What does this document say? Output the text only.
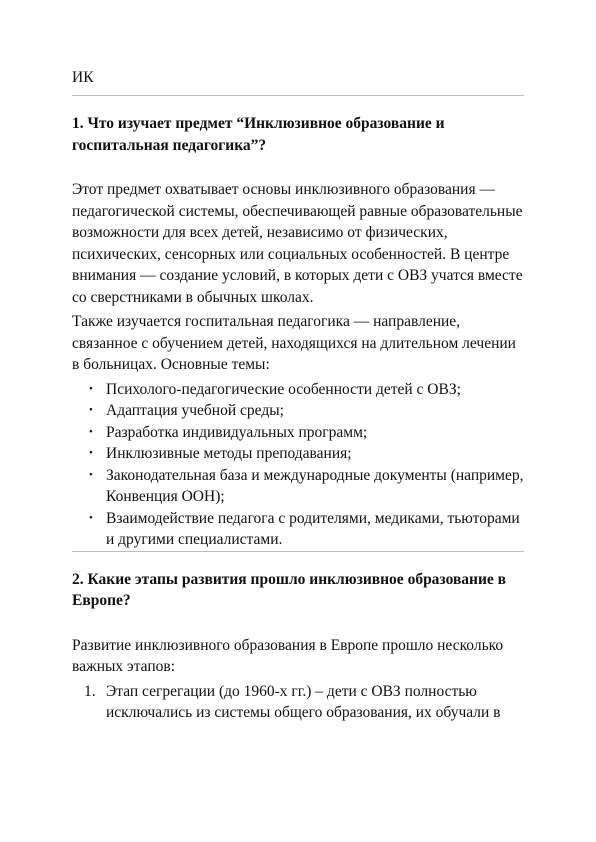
ИК
1. Что изучает предмет “Инклюзивное образование и госпитальная педагогика”?

Этот предмет охватывает основы инклюзивного образования — педагогической системы, обеспечивающей равные образовательные возможности для всех детей, независимо от физических, психических, сенсорных или социальных особенностей. В центре внимания — создание условий, в которых дети с ОВЗ учатся вместе со сверстниками в обычных школах.

Также изучается госпитальная педагогика — направление, связанное с обучением детей, находящихся на длительном лечении в больницах. Основные темы:

• Психолого-педагогические особенности детей с ОВЗ;
• Адаптация учебной среды;
• Разработка индивидуальных программ;
• Инклюзивные методы преподавания;
• Законодательная база и международные документы (например, Конвенция ООН);
• Взаимодействие педагога с родителями, медиками, тьюторами и другими специалистами.
2. Какие этапы развития прошло инклюзивное образование в Европе?

Развитие инклюзивного образования в Европе прошло несколько важных этапов:

1. Этап сегрегации (до 1960-х гг.) – дети с ОВЗ полностью исключались из системы общего образования, их обучали в
